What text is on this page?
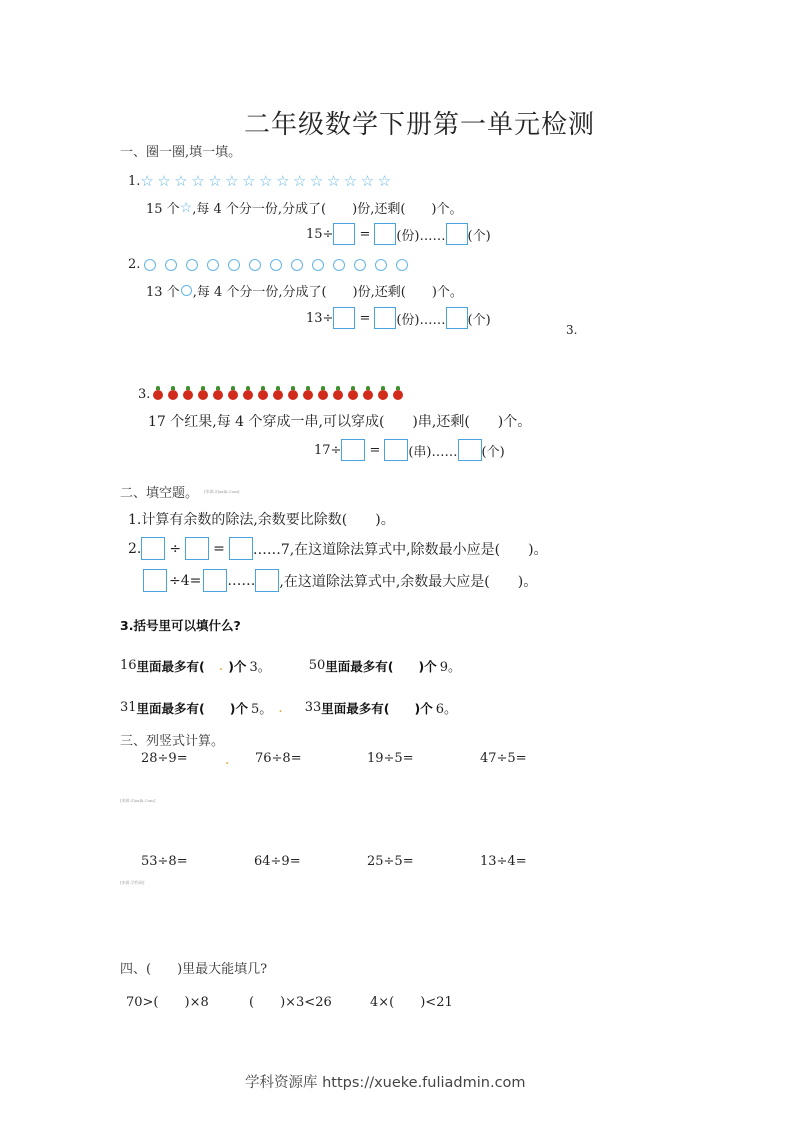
二年级数学下册第一单元检测
一、圈一圈,填一填。
1. ☆☆☆☆☆☆☆☆☆☆☆☆☆☆☆
15 个 ☆ ,每 4 个分一份,分成了(　　)份,还剩(　　)个。
15÷ = (份)…… (个)
2.
13 个 ,每 4 个分一份,分成了(　　)份,还剩(　　)个。
13÷ = (份)…… (个)
3.
3.
17 个红果,每 4 个穿成一串,可以穿成(　　)串,还剩(　　)个。
17÷ = (串)…… (个)
二、填空题。 [来源:Z|xx|k.Com]
1.计算有余数的除法,余数要比除数(　　)。
2. ÷ = ……7,在这道除法算式中,除数最小应是(　　)。
÷4= …… ,在这道除法算式中,余数最大应是(　　)。
3.括号里可以填什么?
16 里面最多有( . )个 3。	50 里面最多有(　　)个 9。
31 里面最多有(　　)个 5。 . 33 里面最多有(　　)个 6。
三、列竖式计算。
28÷9=	. 76÷8=	19÷5=	47÷5=
[来源:Z|xx|k.Com]
53÷8=	64÷9=	25÷5=	13÷4=
[来源:学科网]
四、(　　)里最大能填几?
70>(　　)×8	(　　)×3<26	4×(　　)<21
学科资源库 https://xueke.fuliadmin.com
